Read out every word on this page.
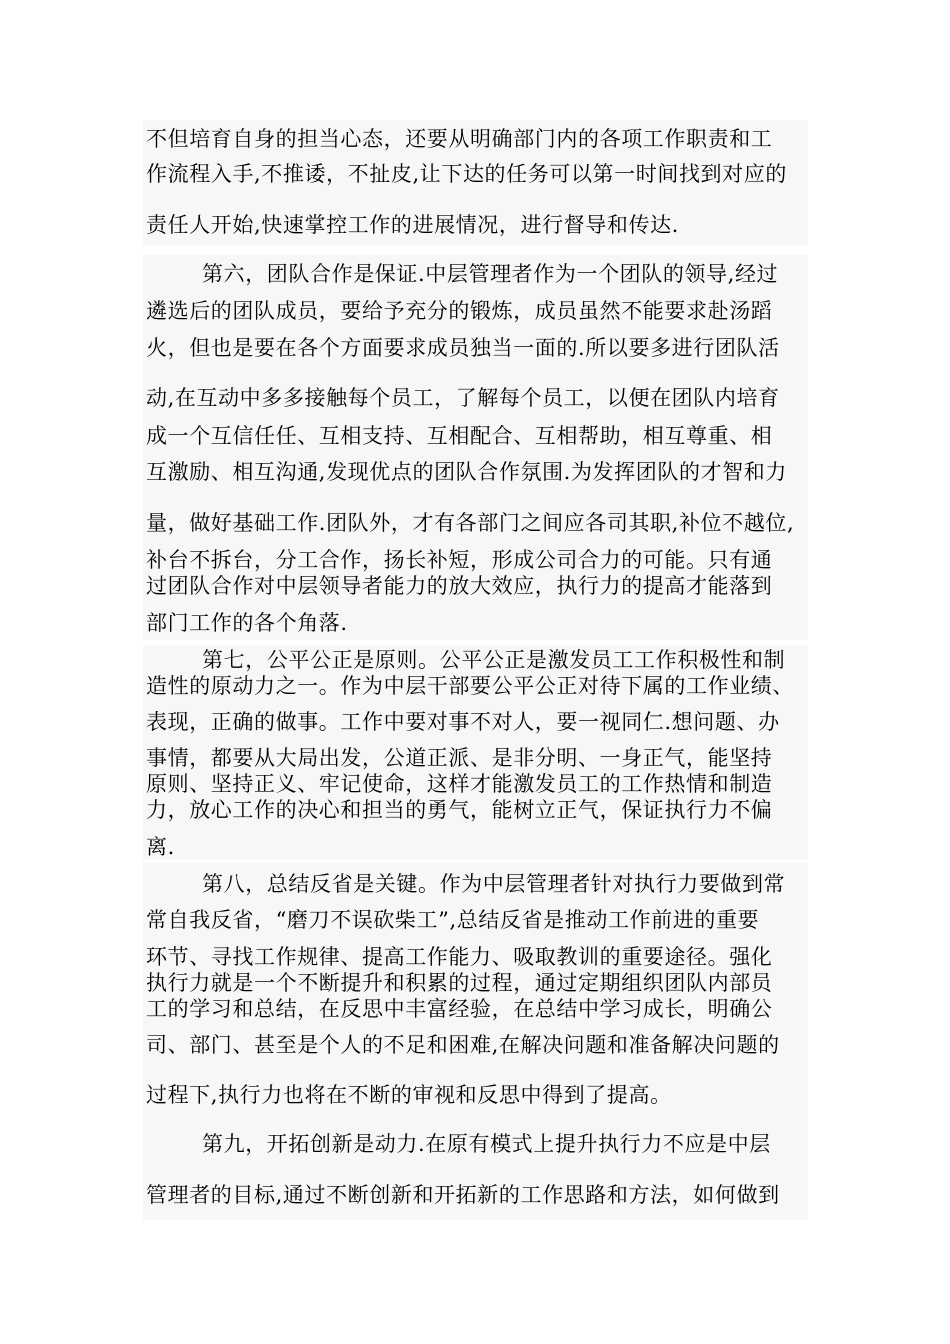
不但培育自身的担当心态，还要从明确部门内的各项工作职责和工
作流程入手,不推诿，不扯皮,让下达的任务可以第一时间找到对应的
责任人开始,快速掌控工作的进展情况，进行督导和传达.
第六，团队合作是保证.中层管理者作为一个团队的领导,经过
遴选后的团队成员，要给予充分的锻炼，成员虽然不能要求赴汤蹈
火，但也是要在各个方面要求成员独当一面的.所以要多进行团队活
动,在互动中多多接触每个员工，了解每个员工，以便在团队内培育
成一个互信任任、互相支持、互相配合、互相帮助，相互尊重、相
互激励、相互沟通,发现优点的团队合作氛围.为发挥团队的才智和力
量，做好基础工作.团队外，才有各部门之间应各司其职,补位不越位,
补台不拆台，分工合作，扬长补短，形成公司合力的可能。只有通
过团队合作对中层领导者能力的放大效应，执行力的提高才能落到
部门工作的各个角落.
第七，公平公正是原则。公平公正是激发员工工作积极性和制
造性的原动力之一。作为中层干部要公平公正对待下属的工作业绩、
表现，正确的做事。工作中要对事不对人，要一视同仁.想问题、办
事情，都要从大局出发，公道正派、是非分明、一身正气，能坚持
原则、坚持正义、牢记使命，这样才能激发员工的工作热情和制造
力，放心工作的决心和担当的勇气，能树立正气，保证执行力不偏
离.
第八，总结反省是关键。作为中层管理者针对执行力要做到常
常自我反省，“磨刀不误砍柴工”,总结反省是推动工作前进的重要
环节、寻找工作规律、提高工作能力、吸取教训的重要途径。强化
执行力就是一个不断提升和积累的过程，通过定期组织团队内部员
工的学习和总结，在反思中丰富经验，在总结中学习成长，明确公
司、部门、甚至是个人的不足和困难,在解决问题和准备解决问题的
过程下,执行力也将在不断的审视和反思中得到了提高。
第九，开拓创新是动力.在原有模式上提升执行力不应是中层
管理者的目标,通过不断创新和开拓新的工作思路和方法，如何做到
